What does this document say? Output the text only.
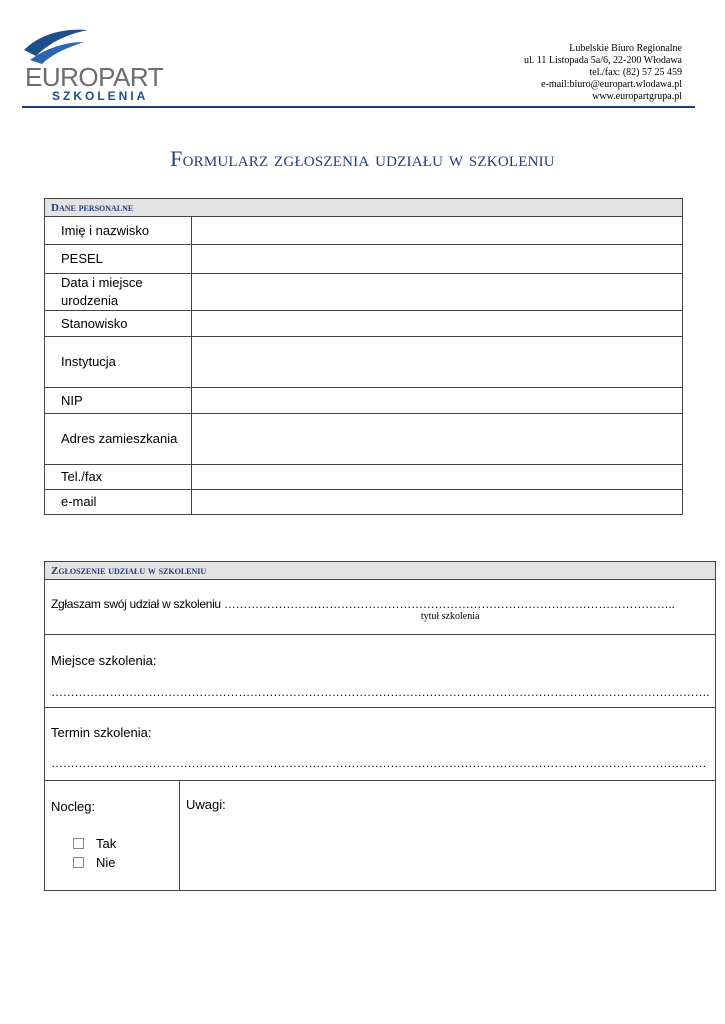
EUROPART
SZKOLENIA
Lubelskie Biuro Regionalne
ul. 11 Listopada 5a/6, 22-200 Włodawa
tel./fax: (82) 57 25 459
e-mail:biuro@europart.wlodawa.pl
www.europartgrupa.pl
Formularz zgłoszenia udziału w szkoleniu
Dane personalne	
Imię i nazwisko	
PESEL	
Data i miejsce urodzenia	
Stanowisko	
Instytucja	
NIP	
Adres zamieszkania	
Tel./fax	
e-mail	
Zgłoszenie udziału w szkoleniu

Zgłaszam swój udział w szkoleniu ……………………………………………………………………………………………………..
tytuł szkolenia

Miejsce szkolenia:
…………………………………………………………………………………………………………………………………………………….

Termin szkolenia:
……………………………………………………………………………………………………………………………………………………

Nocleg:
Tak
Nie

Uwagi:
